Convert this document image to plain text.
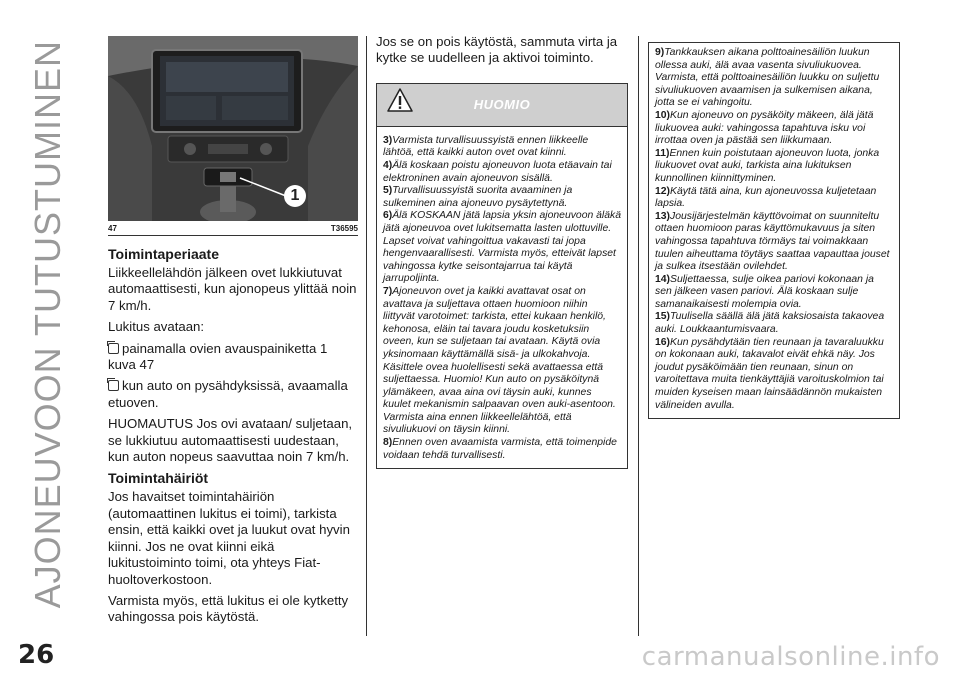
AJONEUVOON TUTUSTUMINEN	1
47	T36595
Toimintaperiaate

Liikkeellelähdön jälkeen ovet lukkiutuvat automaattisesti, kun ajonopeus ylittää noin 7 km/h.

Lukitus avataan:

painamalla ovien avauspainiketta 1 kuva 47

kun auto on pysähdyksissä, avaamalla etuoven.

HUOMAUTUS Jos ovi avataan/ suljetaan, se lukkiutuu automaattisesti uudestaan, kun auton nopeus saavuttaa noin 7 km/h.

Toimintahäiriöt

Jos havaitset toimintahäiriön (automaattinen lukitus ei toimi), tarkista ensin, että kaikki ovet ja luukut ovat hyvin kiinni. Jos ne ovat kiinni eikä lukitustoiminto toimi, ota yhteys Fiat-huoltoverkostoon.

Varmista myös, että lukitus ei ole kytketty vahingossa pois käytöstä.

Jos se on pois käytöstä, sammuta virta ja kytke se uudelleen ja aktivoi toiminto.

HUOMIO

3)Varmista turvallisuussyistä ennen liikkeelle lähtöä, että kaikki auton ovet ovat kiinni.

4)Älä koskaan poistu ajoneuvon luota etäavain tai elektroninen avain ajoneuvon sisällä.

5)Turvallisuussyistä suorita avaaminen ja sulkeminen aina ajoneuvo pysäytettynä.

6)Älä KOSKAAN jätä lapsia yksin ajoneuvoon äläkä jätä ajoneuvoa ovet lukitsematta lasten ulottuville. Lapset voivat vahingoittua vakavasti tai jopa hengenvaarallisesti. Varmista myös, etteivät lapset vahingossa kytke seisontajarrua tai käytä jarrupoljinta.

7)Ajoneuvon ovet ja kaikki avattavat osat on avattava ja suljettava ottaen huomioon niihin liittyvät varotoimet: tarkista, ettei kukaan henkilö, kehonosa, eläin tai tavara joudu kosketuksiin oveen, kun se suljetaan tai avataan. Käytä ovia yksinomaan käyttämällä sisä- ja ulkokahvoja. Käsittele ovea huolellisesti sekä avattaessa että suljettaessa. Huomio! Kun auto on pysäköitynä ylämäkeen, avaa aina ovi täysin auki, kunnes kuulet mekanismin salpaavan oven auki-asentoon. Varmista aina ennen liikkeellelähtöä, että sivuliukuovi on täysin kiinni.

8)Ennen oven avaamista varmista, että toimenpide voidaan tehdä turvallisesti.

9)Tankkauksen aikana polttoainesäiliön luukun ollessa auki, älä avaa vasenta sivuliukuovea. Varmista, että polttoainesäiliön luukku on suljettu sivuliukuoven avaamisen ja sulkemisen aikana, jotta se ei vahingoitu.

10)Kun ajoneuvo on pysäköity mäkeen, älä jätä liukuovea auki: vahingossa tapahtuva isku voi irrottaa oven ja pästää sen liikkumaan.

11)Ennen kuin poistutaan ajoneuvon luota, jonka liukuovet ovat auki, tarkista aina lukituksen kunnollinen kiinnittyminen.

12)Käytä tätä aina, kun ajoneuvossa kuljetetaan lapsia.

13)Jousijärjestelmän käyttövoimat on suunniteltu ottaen huomioon paras käyttömukavuus ja siten vahingossa tapahtuva törmäys tai voimakkaan tuulen aiheuttama töytäys saattaa vapauttaa jouset ja sulkea itsestään ovilehdet.

14)Suljettaessa, sulje oikea pariovi kokonaan ja sen jälkeen vasen pariovi. Älä koskaan sulje samanaikaisesti molempia ovia.

15)Tuulisella säällä älä jätä kaksiosaista takaovea auki. Loukkaantumisvaara.

16)Kun pysähdytään tien reunaan ja tavaraluukku on kokonaan auki, takavalot eivät ehkä näy. Jos joudut pysäköimään tien reunaan, sinun on varoitettava muita tienkäyttäjiä varoituskolmion tai muiden kyseisen maan lainsäädännön mukaisten välineiden avulla.

26	carmanualsonline.info
